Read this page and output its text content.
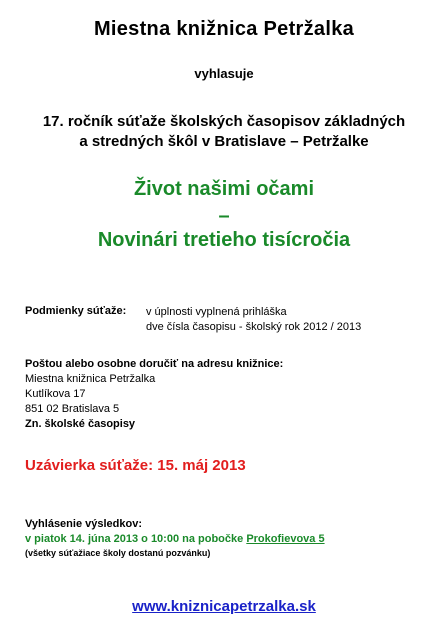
Miestna knižnica Petržalka
vyhlasuje
17. ročník súťaže školských časopisov základných
a stredných škôl v Bratislave – Petržalke
Život našimi očami
–
Novinári tretieho tisícročia
Podmienky súťaže: v úplnosti vyplnená prihláška
dve čísla časopisu - školský rok 2012 / 2013
Poštou alebo osobne doručiť na adresu knižnice:
Miestna knižnica Petržalka
Kutlíkova 17
851 02 Bratislava 5
Zn. školské časopisy
Uzávierka súťaže: 15. máj 2013
Vyhlásenie výsledkov:
v piatok 14. júna 2013 o 10:00 na pobočke Prokofievova 5
(všetky súťažiace školy dostanú pozvánku)
www.kniznicapetrzalka.sk
